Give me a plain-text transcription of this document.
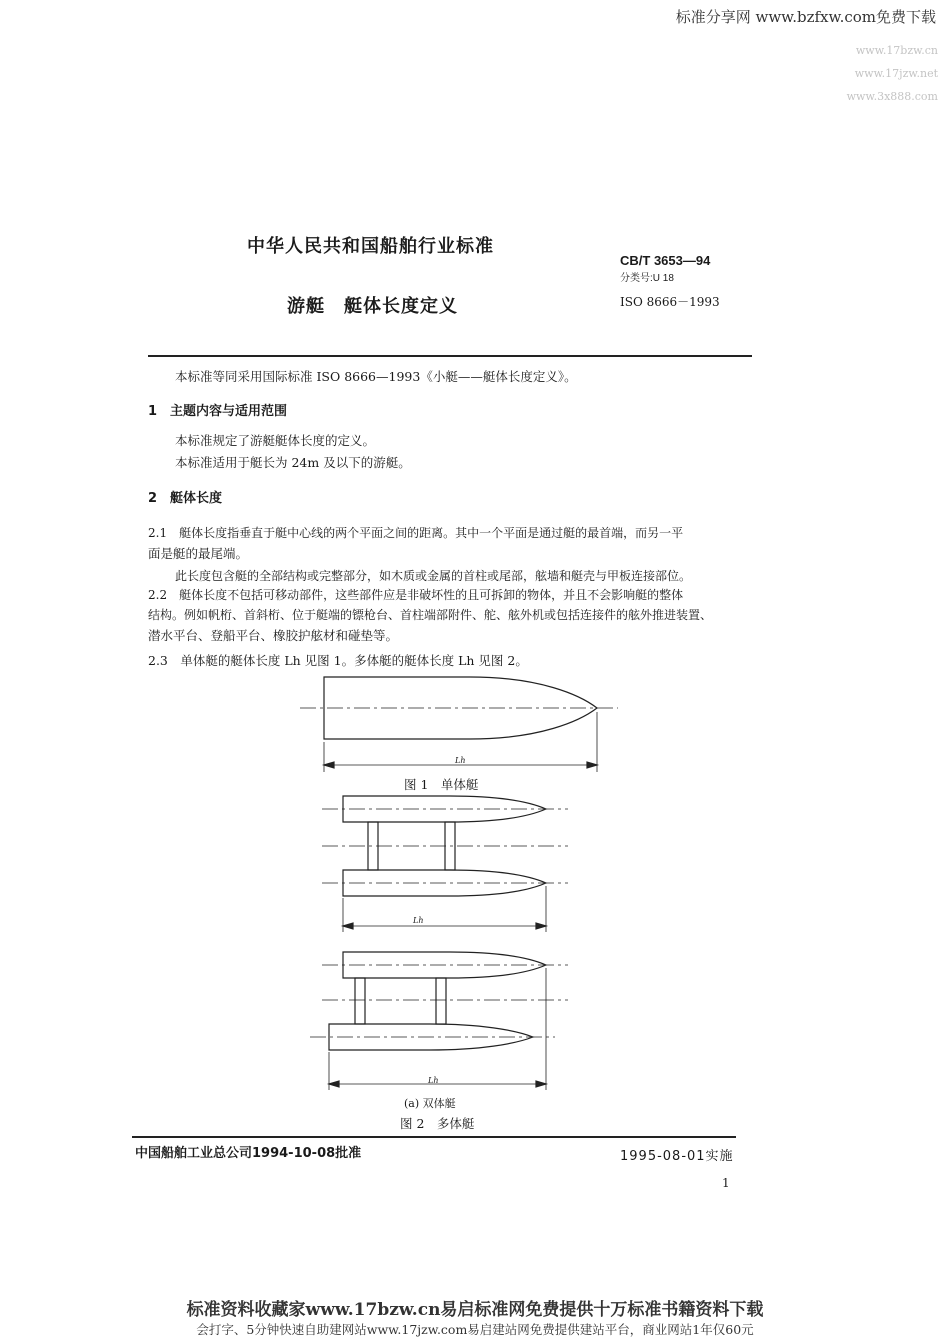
标准分享网 www.bzfxw.com免费下载
www.17bzw.cn
www.17jzw.net
www.3x888.com
中华人民共和国船舶行业标准
游艇　艇体长度定义
CB/T 3653—94
分类号:U 18
ISO 8666－1993
本标准等同采用国际标准 ISO 8666—1993《小艇——艇体长度定义》。
1　主题内容与适用范围
本标准规定了游艇艇体长度的定义。
本标准适用于艇长为 24m 及以下的游艇。
2　艇体长度
2.1　艇体长度指垂直于艇中心线的两个平面之间的距离。其中一个平面是通过艇的最首端，而另一平
面是艇的最尾端。
此长度包含艇的全部结构或完整部分，如木质或金属的首柱或尾部，舷墙和艇壳与甲板连接部位。
2.2　艇体长度不包括可移动部件，这些部件应是非破坏性的且可拆卸的物体，并且不会影响艇的整体
结构。例如帆桁、首斜桁、位于艇端的镖枪台、首柱端部附件、舵、舷外机或包括连接件的舷外推进装置、
潜水平台、登船平台、橡胶护舷材和碰垫等。
2.3　单体艇的艇体长度 Lh 见图 1。多体艇的艇体长度 Lh 见图 2。
Lh
图 1　单体艇
Lh
Lh
(a) 双体艇
图 2　多体艇
中国船舶工业总公司1994-10-08批准	1995-08-01实施
1
标准资料收藏家www.17bzw.cn易启标准网免费提供十万标准书籍资料下载
会打字、5分钟快速自助建网站www.17jzw.com易启建站网免费提供建站平台，商业网站1年仅60元
